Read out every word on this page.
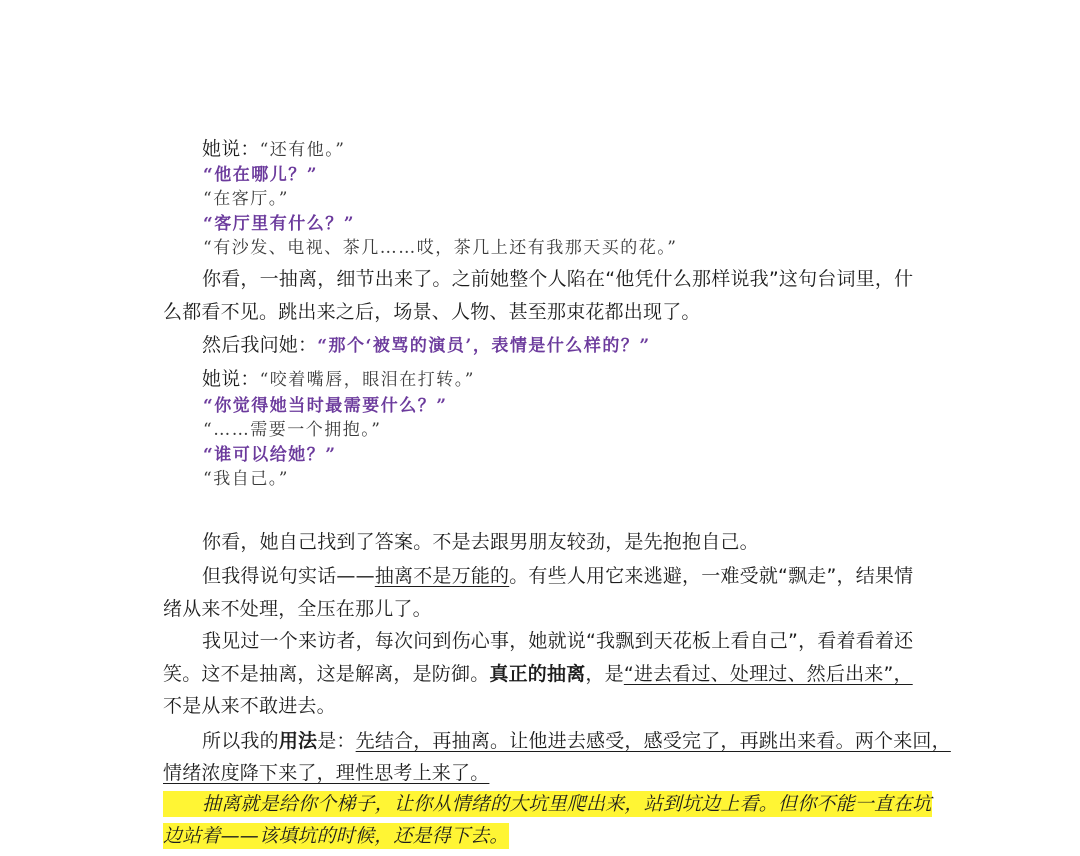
她说：“还有他。”
“他在哪儿？”
“在客厅。”
“客厅里有什么？”
“有沙发、电视、茶几……哎，茶几上还有我那天买的花。”
你看，一抽离，细节出来了。之前她整个人陷在“他凭什么那样说我”这句台词里，什
么都看不见。跳出来之后，场景、人物、甚至那束花都出现了。
然后我问她：“那个‘被骂的演员’，表情是什么样的？”
她说：“咬着嘴唇，眼泪在打转。”
“你觉得她当时最需要什么？”
“……需要一个拥抱。”
“谁可以给她？”
“我自己。”
你看，她自己找到了答案。不是去跟男朋友较劲，是先抱抱自己。
但我得说句实话——抽离不是万能的。有些人用它来逃避，一难受就“飘走”，结果情
绪从来不处理，全压在那儿了。
我见过一个来访者，每次问到伤心事，她就说“我飘到天花板上看自己”，看着看着还
笑。这不是抽离，这是解离，是防御。真正的抽离，是“进去看过、处理过、然后出来”，
不是从来不敢进去。
所以我的用法是：先结合，再抽离。让他进去感受，感受完了，再跳出来看。两个来回，
情绪浓度降下来了，理性思考上来了。
抽离就是给你个梯子，让你从情绪的大坑里爬出来，站到坑边上看。但你不能一直在坑
边站着——该填坑的时候，还是得下去。
